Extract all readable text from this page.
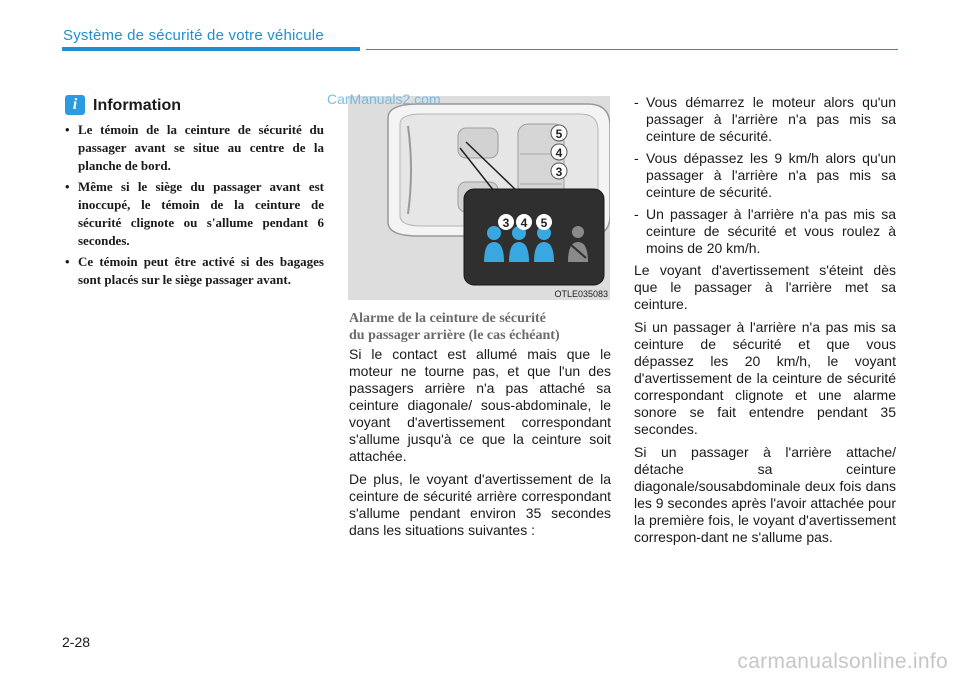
Système de sécurité de votre véhicule
i Information
• Le témoin de la ceinture de sécurité du passager avant se situe au centre de la planche de bord.
• Même si le siège du passager avant est inoccupé, le témoin de la ceinture de sécurité clignote ou s'allume pendant 6 secondes.
• Ce témoin peut être activé si des bagages sont placés sur le siège passager avant.
5
4
3
3 4 5
OTLE035083
CarManuals2.com
Alarme de la ceinture de sécurité
du passager arrière (le cas échéant)

Si le contact est allumé mais que le moteur ne tourne pas, et que l'un des passagers arrière n'a pas attaché sa ceinture diagonale/ sous-abdominale, le voyant d'avertissement correspondant s'allume jusqu'à ce que la ceinture soit attachée.

De plus, le voyant d'avertissement de la ceinture de sécurité arrière correspondant s'allume pendant environ 35 secondes dans les situations suivantes :

- Vous démarrez le moteur alors qu'un passager à l'arrière n'a pas mis sa ceinture de sécurité.

- Vous dépassez les 9 km/h alors qu'un passager à l'arrière n'a pas mis sa ceinture de sécurité.

- Un passager à l'arrière n'a pas mis sa ceinture de sécurité et vous roulez à moins de 20 km/h.

Le voyant d'avertissement s'éteint dès que le passager à l'arrière met sa ceinture.

Si un passager à l'arrière n'a pas mis sa ceinture de sécurité et que vous dépassez les 20 km/h, le voyant d'avertissement de la ceinture de sécurité correspondant clignote et une alarme sonore se fait entendre pendant 35 secondes.

Si un passager à l'arrière attache/ détache sa ceinture diagonale/sousabdominale deux fois dans les 9 secondes après l'avoir attachée pour la première fois, le voyant d'avertissement correspon-dant ne s'allume pas.

2-28
carmanualsonline.info
